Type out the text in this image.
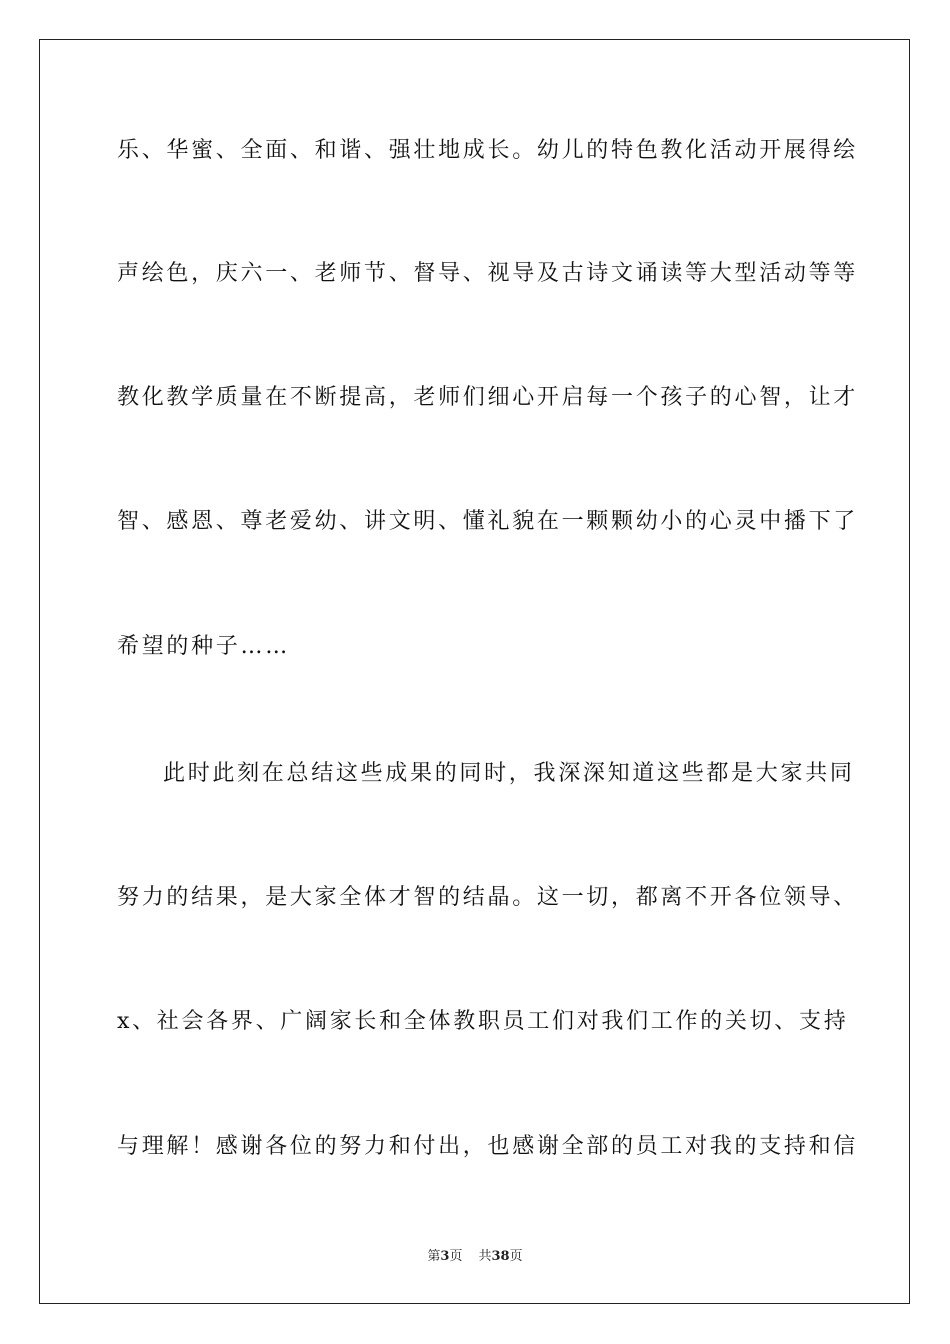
乐、华蜜、全面、和谐、强壮地成长。幼儿的特色教化活动开展得绘
声绘色，庆六一、老师节、督导、视导及古诗文诵读等大型活动等等
教化教学质量在不断提高，老师们细心开启每一个孩子的心智，让才
智、感恩、尊老爱幼、讲文明、懂礼貌在一颗颗幼小的心灵中播下了
希望的种子……
此时此刻在总结这些成果的同时，我深深知道这些都是大家共同
努力的结果，是大家全体才智的结晶。这一切，都离不开各位领导、
x、社会各界、广阔家长和全体教职员工们对我们工作的关切、支持
与理解！感谢各位的努力和付出，也感谢全部的员工对我的支持和信
第3页 共38页
